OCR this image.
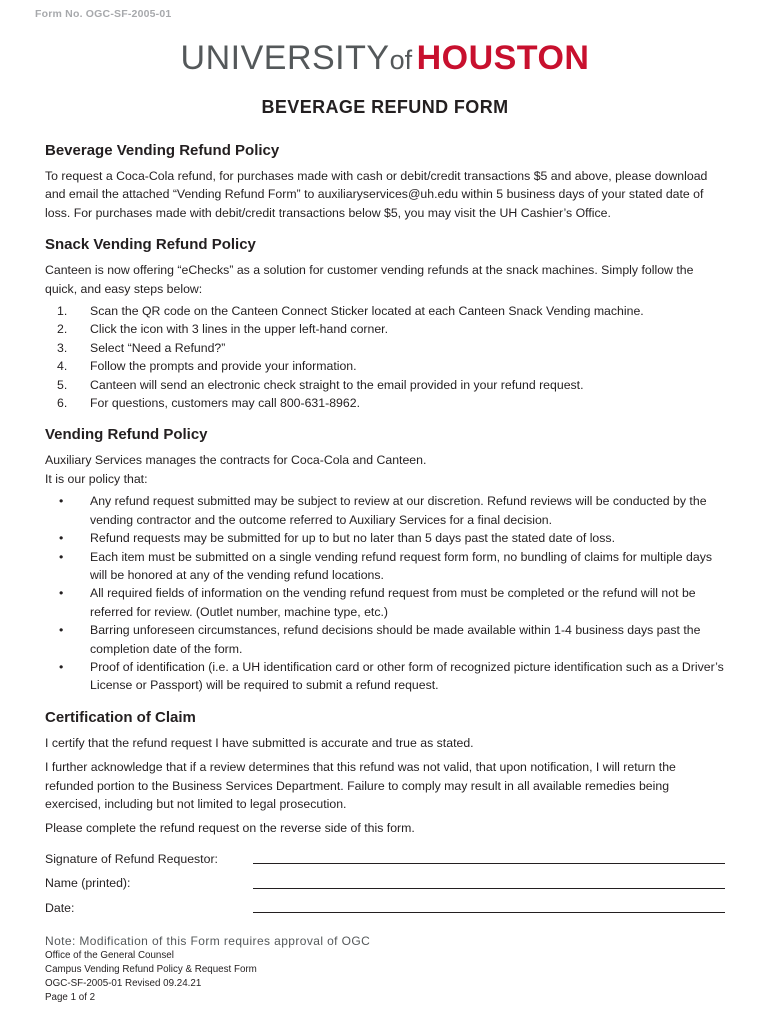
Form No. OGC-SF-2005-01
UNIVERSITYof HOUSTON
BEVERAGE REFUND FORM
Beverage Vending Refund Policy

To request a Coca-Cola refund, for purchases made with cash or debit/credit transactions $5 and above, please download and email the attached “Vending Refund Form” to auxiliaryservices@uh.edu within 5 business days of your stated date of loss. For purchases made with debit/credit transactions below $5, you may visit the UH Cashier’s Office.

Snack Vending Refund Policy

Canteen is now offering “eChecks” as a solution for customer vending refunds at the snack machines. Simply follow the quick, and easy steps below:

1. Scan the QR code on the Canteen Connect Sticker located at each Canteen Snack Vending machine.
2. Click the icon with 3 lines in the upper left-hand corner.
3. Select “Need a Refund?”
4. Follow the prompts and provide your information.
5. Canteen will send an electronic check straight to the email provided in your refund request.
6. For questions, customers may call 800-631-8962.
Vending Refund Policy

Auxiliary Services manages the contracts for Coca-Cola and Canteen.

It is our policy that:

• Any refund request submitted may be subject to review at our discretion. Refund reviews will be conducted by the vending contractor and the outcome referred to Auxiliary Services for a final decision.
• Refund requests may be submitted for up to but no later than 5 days past the stated date of loss.
• Each item must be submitted on a single vending refund request form form, no bundling of claims for multiple days will be honored at any of the vending refund locations.
• All required fields of information on the vending refund request from must be completed or the refund will not be referred for review. (Outlet number, machine type, etc.)
• Barring unforeseen circumstances, refund decisions should be made available within 1-4 business days past the completion date of the form.
• Proof of identification (i.e. a UH identification card or other form of recognized picture identification such as a Driver’s License or Passport) will be required to submit a refund request.
Certification of Claim

I certify that the refund request I have submitted is accurate and true as stated.

I further acknowledge that if a review determines that this refund was not valid, that upon notification, I will return the refunded portion to the Business Services Department. Failure to comply may result in all available remedies being exercised, including but not limited to legal prosecution.

Please complete the refund request on the reverse side of this form.

Signature of Refund Requestor:
Name (printed):
Date:
Note: Modification of this Form requires approval of OGC
Office of the General Counsel
Campus Vending Refund Policy & Request Form
OGC-SF-2005-01 Revised 09.24.21
Page 1 of 2
